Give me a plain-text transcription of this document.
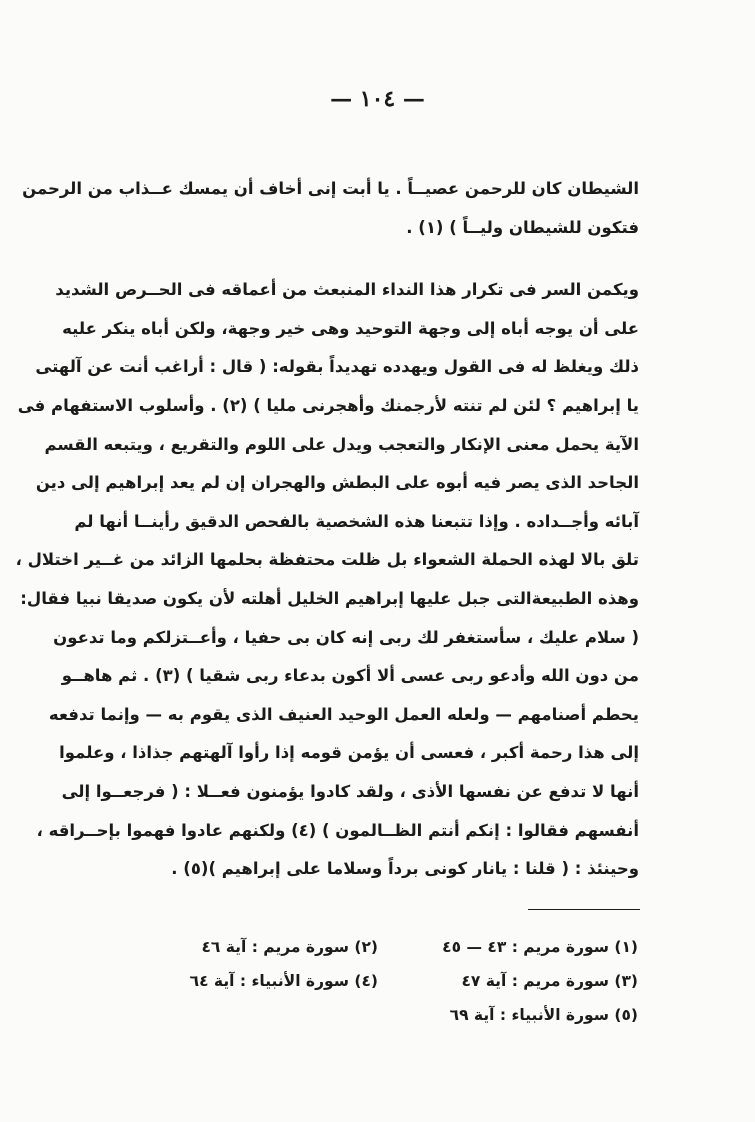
— ١٠٤ —
الشيطان كان للرحمن عصيــاً . يا أبت إنى أخاف أن يمسك عــذاب من الرحمن
فتكون للشيطان وليــاً ) (١) .
ويكمن السر فى تكرار هذا النداء المنبعث من أعماقه فى الحــرص الشديد
على أن يوجه أباه إلى وجهة التوحيد وهى خير وجهة، ولكن أباه ينكر عليه
ذلك ويغلظ له فى القول ويهدده تهديداً بقوله: ( قال : أراغب أنت عن آلهتى
يا إبراهيم ؟ لئن لم تنته لأرجمنك وأهجرنى مليا ) (٢) . وأسلوب الاستفهام فى
الآية يحمل معنى الإنكار والتعجب ويدل على اللوم والتقريع ، ويتبعه القسم
الجاحد الذى يصر فيه أبوه على البطش والهجران إن لم يعد إبراهيم إلى دين
آبائه وأجــداده . وإذا تتبعنا هذه الشخصية بالفحص الدقيق رأينــا أنها لم
تلق بالا لهذه الحملة الشعواء بل ظلت محتفظة بحلمها الزائد من غــير اختلال ،
وهذه الطبيعةالتى جبل عليها إبراهيم الخليل أهلته لأن يكون صديقا نبيا فقال:
( سلام عليك ، سأستغفر لك ربى إنه كان بى حفيا ، وأعــتزلكم وما تدعون
من دون الله وأدعو ربى عسى ألا أكون بدعاء ربى شقيا ) (٣) . ثم هاهــو
يحطم أصنامهم — ولعله العمل الوحيد العنيف الذى يقوم به — وإنما تدفعه
إلى هذا رحمة أكبر ، فعسى أن يؤمن قومه إذا رأوا آلهتهم جذاذا ، وعلموا
أنها لا تدفع عن نفسها الأذى ، ولقد كادوا يؤمنون فعــلا : ( فرجعــوا إلى
أنفسهم فقالوا : إنكم أنتم الظــالمون ) (٤) ولكنهم عادوا فهموا بإحــراقه ،
وحينئذ : ( قلنا : يانار كونى برداً وسلاما على إبراهيم )(٥) .
(١) سورة مريم : ٤٣ — ٤٥
(٢) سورة مريم : آية ٤٦
(٣) سورة مريم : آية ٤٧
(٤) سورة الأنبياء : آية ٦٤
(٥) سورة الأنبياء : آية ٦٩
